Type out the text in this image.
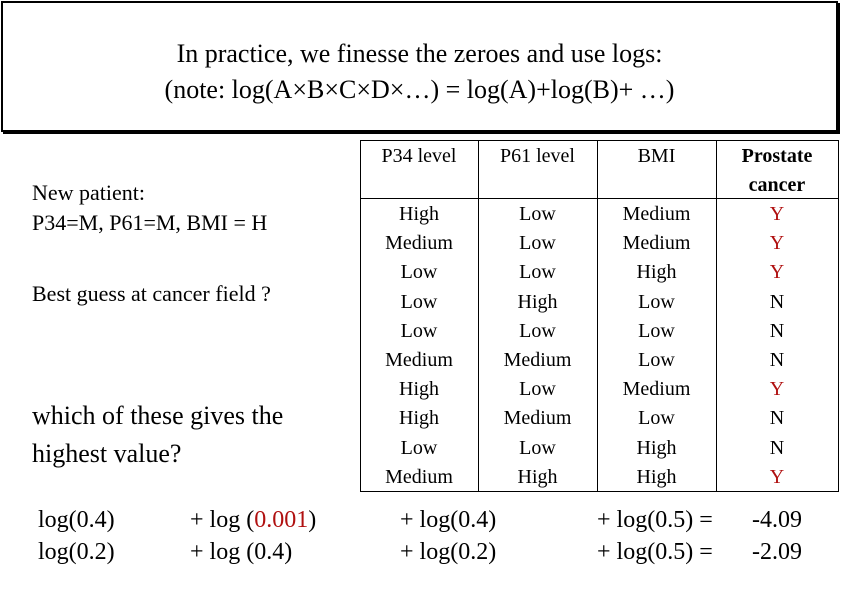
In practice, we finesse the zeroes and use logs:
(note: log(A×B×C×D×…) = log(A)+log(B)+ …)
New patient:
P34=M, P61=M, BMI = H
Best guess at cancer field ?
which of these gives the
highest value?
P34 level	P61 level	BMI	Prostate
cancer
High	Low	Medium	Y
Medium	Low	Medium	Y
Low	Low	High	Y
Low	High	Low	N
Low	Low	Low	N
Medium	Medium	Low	N
High	Low	Medium	Y
High	Medium	Low	N
Low	Low	High	N
Medium	High	High	Y
log(0.4)	+ log (0.001)	+ log(0.4)	+ log(0.5) = -4.09
log(0.2)	+ log (0.4)	+ log(0.2)	+ log(0.5) = -2.09
